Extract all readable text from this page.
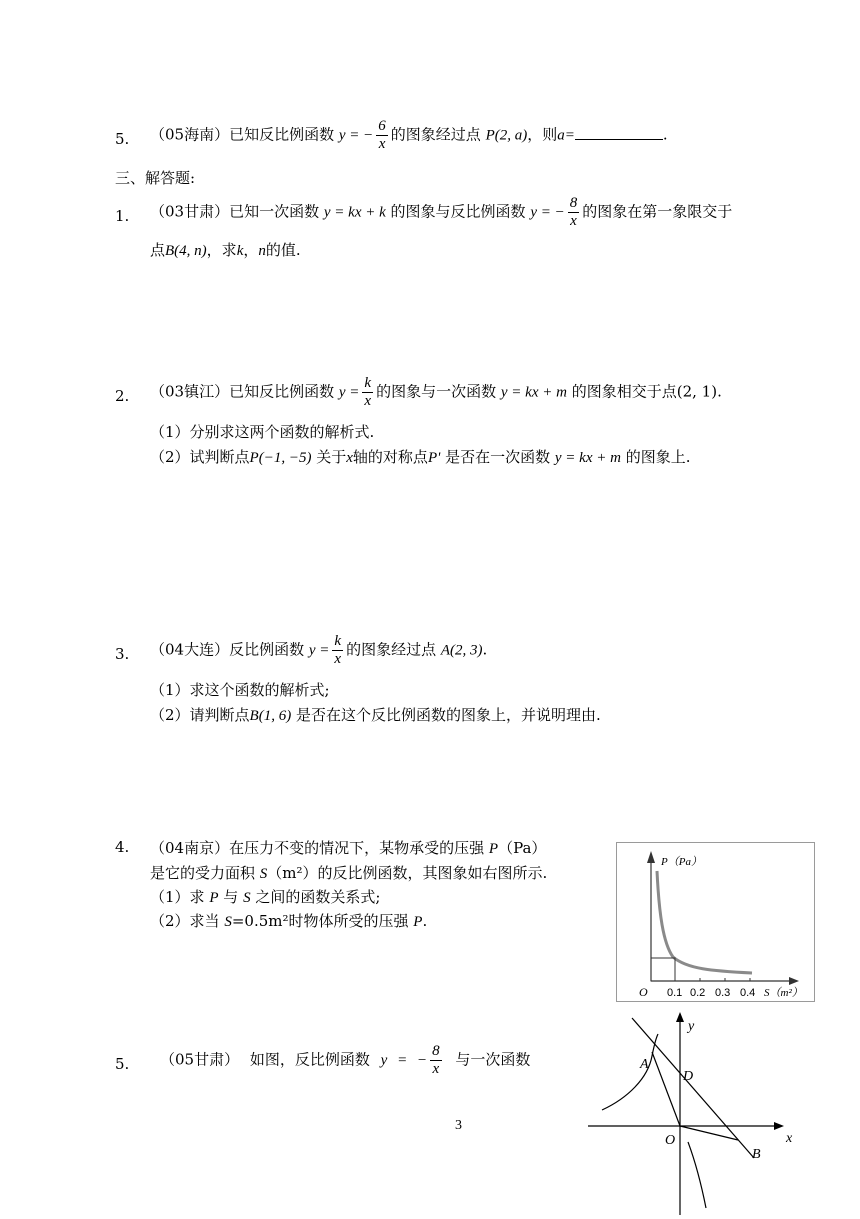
5. （05海南）已知反比例函数 y = − $\frac{6}{x}$ 的图象经过点 P(2, a)，则a=	.
三、解答题:
1. （03甘肃）已知一次函数 y = kx + k 的图象与反比例函数 y = − $\frac{8}{x}$ 的图象在第一象限交于
点B(4, n)，求k，n的值.
2. （03镇江）已知反比例函数 $y = \frac{k}{x}$ 的图象与一次函数 y = kx + m 的图象相交于点(2, 1).
（1）分别求这两个函数的解析式.
（2）试判断点P(−1, −5) 关于x轴的对称点P' 是否在一次函数 y = kx + m 的图象上.
3. （04大连）反比例函数 $y = \frac{k}{x}$ 的图象经过点 A(2, 3).
（1）求这个函数的解析式;
（2）请判断点B(1, 6) 是否在这个反比例函数的图象上，并说明理由.
4. （04南京）在压力不变的情况下，某物承受的压强 P（Pa）
是它的受力面积 S（m²）的反比例函数，其图象如右图所示.
（1）求 P 与 S 之间的函数关系式;
（2）求当 S=0.5m²时物体所受的压强 P.
P（Pa）
O 0.1 0.2 0.3 0.4 S（m²）
5. （05甘肃） 如图，反比例函数 y = − $\frac{8}{x}$ 与一次函数
y
x
O
A
D
B
3
